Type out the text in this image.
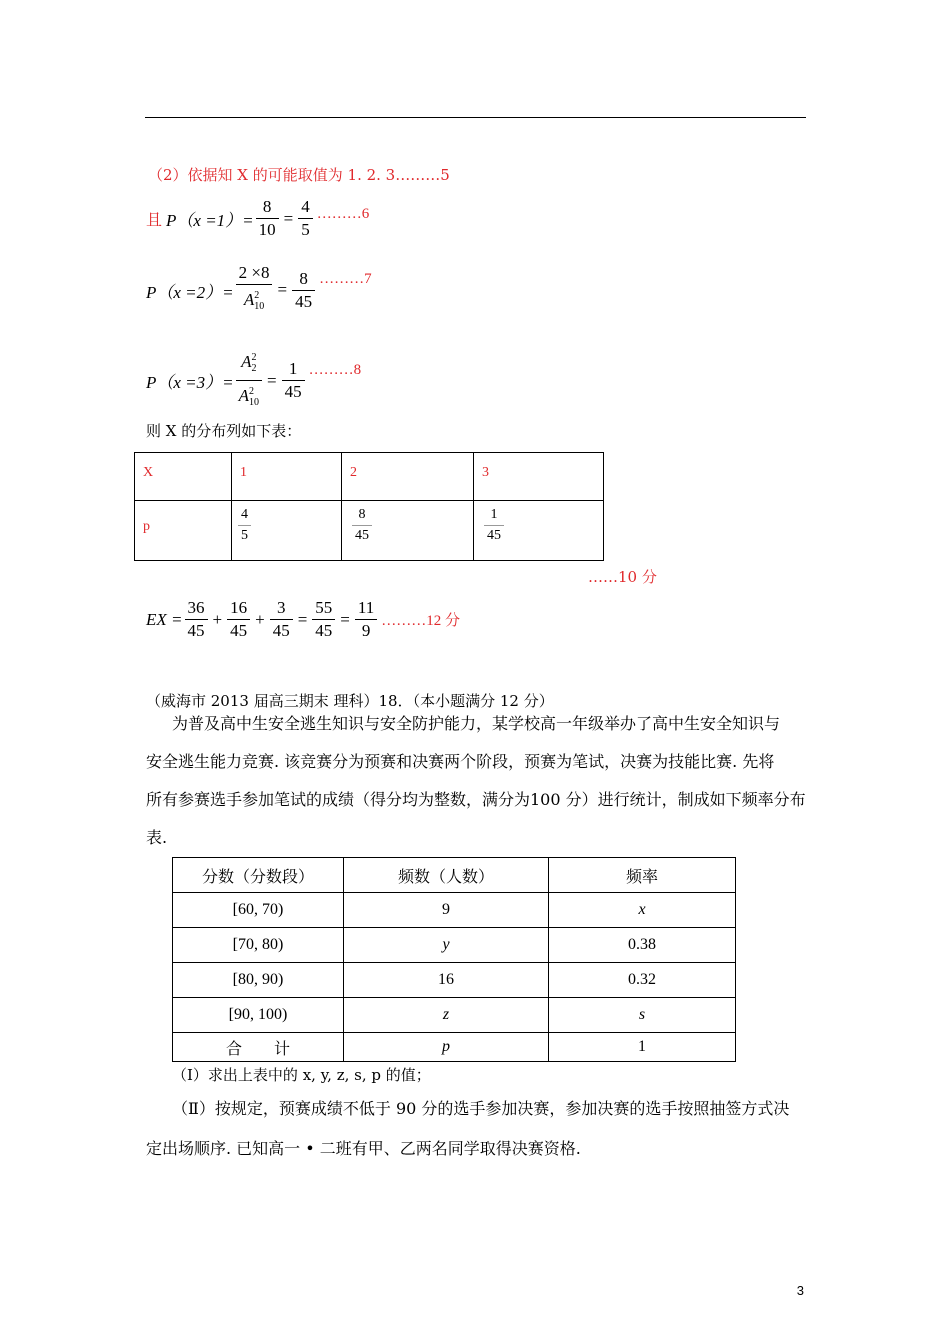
（2）依据知 X 的可能取值为 1. 2. 3………5
且 $P(x =1)= \frac{8}{10} = \frac{4}{5}$ ………6
$P(x =2)= \frac{2 \times 8}{A^2_{10}} = \frac{8}{45}$ ………7
$P(x =3)= \frac{A^2_2}{A^2_{10}} = \frac{1}{45}$ ………8
则 X 的分布列如下表：
X	1	2	3
p	$\frac{4}{5}$	$\frac{8}{45}$	$\frac{1}{45}$
……10 分
EX = $\frac{36}{45} + \frac{16}{45} + \frac{3}{45} = \frac{55}{45} = \frac{11}{9}$ ………12 分
（威海市 2013 届高三期末 理科）18．（本小题满分 12 分）
为普及高中生安全逃生知识与安全防护能力，某学校高一年级举办了高中生安全知识与
安全逃生能力竞赛. 该竞赛分为预赛和决赛两个阶段，预赛为笔试，决赛为技能比赛. 先将
所有参赛选手参加笔试的成绩（得分均为整数，满分为100 分）进行统计，制成如下频率分布
表.
分数（分数段）	频数（人数）	频率
[60, 70)	9	x
[70, 80)	y	0.38
[80, 90)	16	0.32
[90, 100)	z	s
合　　计	p	1
（Ⅰ）求出上表中的 x, y, z, s, p 的值；
（Ⅱ）按规定，预赛成绩不低于 90 分的选手参加决赛，参加决赛的选手按照抽签方式决
定出场顺序. 已知高一 • 二班有甲、乙两名同学取得决赛资格.
3
